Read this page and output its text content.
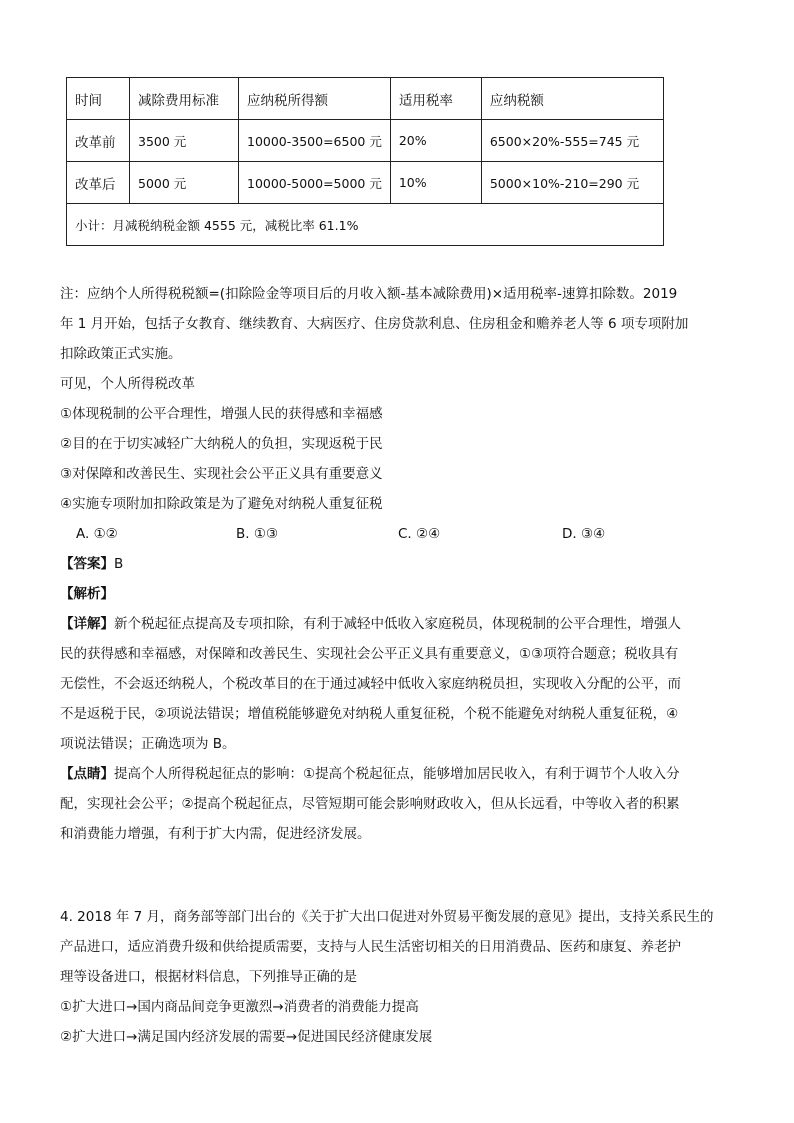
时间	减除费用标准	应纳税所得额	适用税率	应纳税额
改革前	3500 元	10000-3500=6500 元	20%	6500×20%-555=745 元
改革后	5000 元	10000-5000=5000 元	10%	5000×10%-210=290 元
小计：月减税纳税金额 4555 元，减税比率 61.1%				
注：应纳个人所得税税额=(扣除险金等项目后的月收入额-基本减除费用)×适用税率-速算扣除数。2019
年 1 月开始，包括子女教育、继续教育、大病医疗、住房贷款利息、住房租金和赡养老人等 6 项专项附加
扣除政策正式实施。
可见，个人所得税改革
①体现税制的公平合理性，增强人民的获得感和幸福感
②目的在于切实减轻广大纳税人的负担，实现返税于民
③对保障和改善民生、实现社会公平正义具有重要意义
④实施专项附加扣除政策是为了避免对纳税人重复征税
A. ①②	B. ①③	C. ②④	D. ③④
【答案】B
【解析】
【详解】新个税起征点提高及专项扣除，有利于减轻中低收入家庭税员，体现税制的公平合理性，增强人
民的获得感和幸福感，对保障和改善民生、实现社会公平正义具有重要意义，①③项符合题意；税收具有
无偿性，不会返还纳税人，个税改革目的在于通过减轻中低收入家庭纳税员担，实现收入分配的公平，而
不是返税于民，②项说法错误；增值税能够避免对纳税人重复征税，个税不能避免对纳税人重复征税，④
项说法错误；正确选项为 B。
【点睛】提高个人所得税起征点的影响：①提高个税起征点，能够增加居民收入，有利于调节个人收入分
配，实现社会公平；②提高个税起征点，尽管短期可能会影响财政收入，但从长远看，中等收入者的积累
和消费能力增强，有利于扩大内需，促进经济发展。
4. 2018 年 7 月，商务部等部门出台的《关于扩大出口促进对外贸易平衡发展的意见》提出，支持关系民生的
产品进口，适应消费升级和供给提质需要，支持与人民生活密切相关的日用消费品、医药和康复、养老护
理等设备进口，根据材料信息，下列推导正确的是
①扩大进口→国内商品间竞争更激烈→消费者的消费能力提高
②扩大进口→满足国内经济发展的需要→促进国民经济健康发展
